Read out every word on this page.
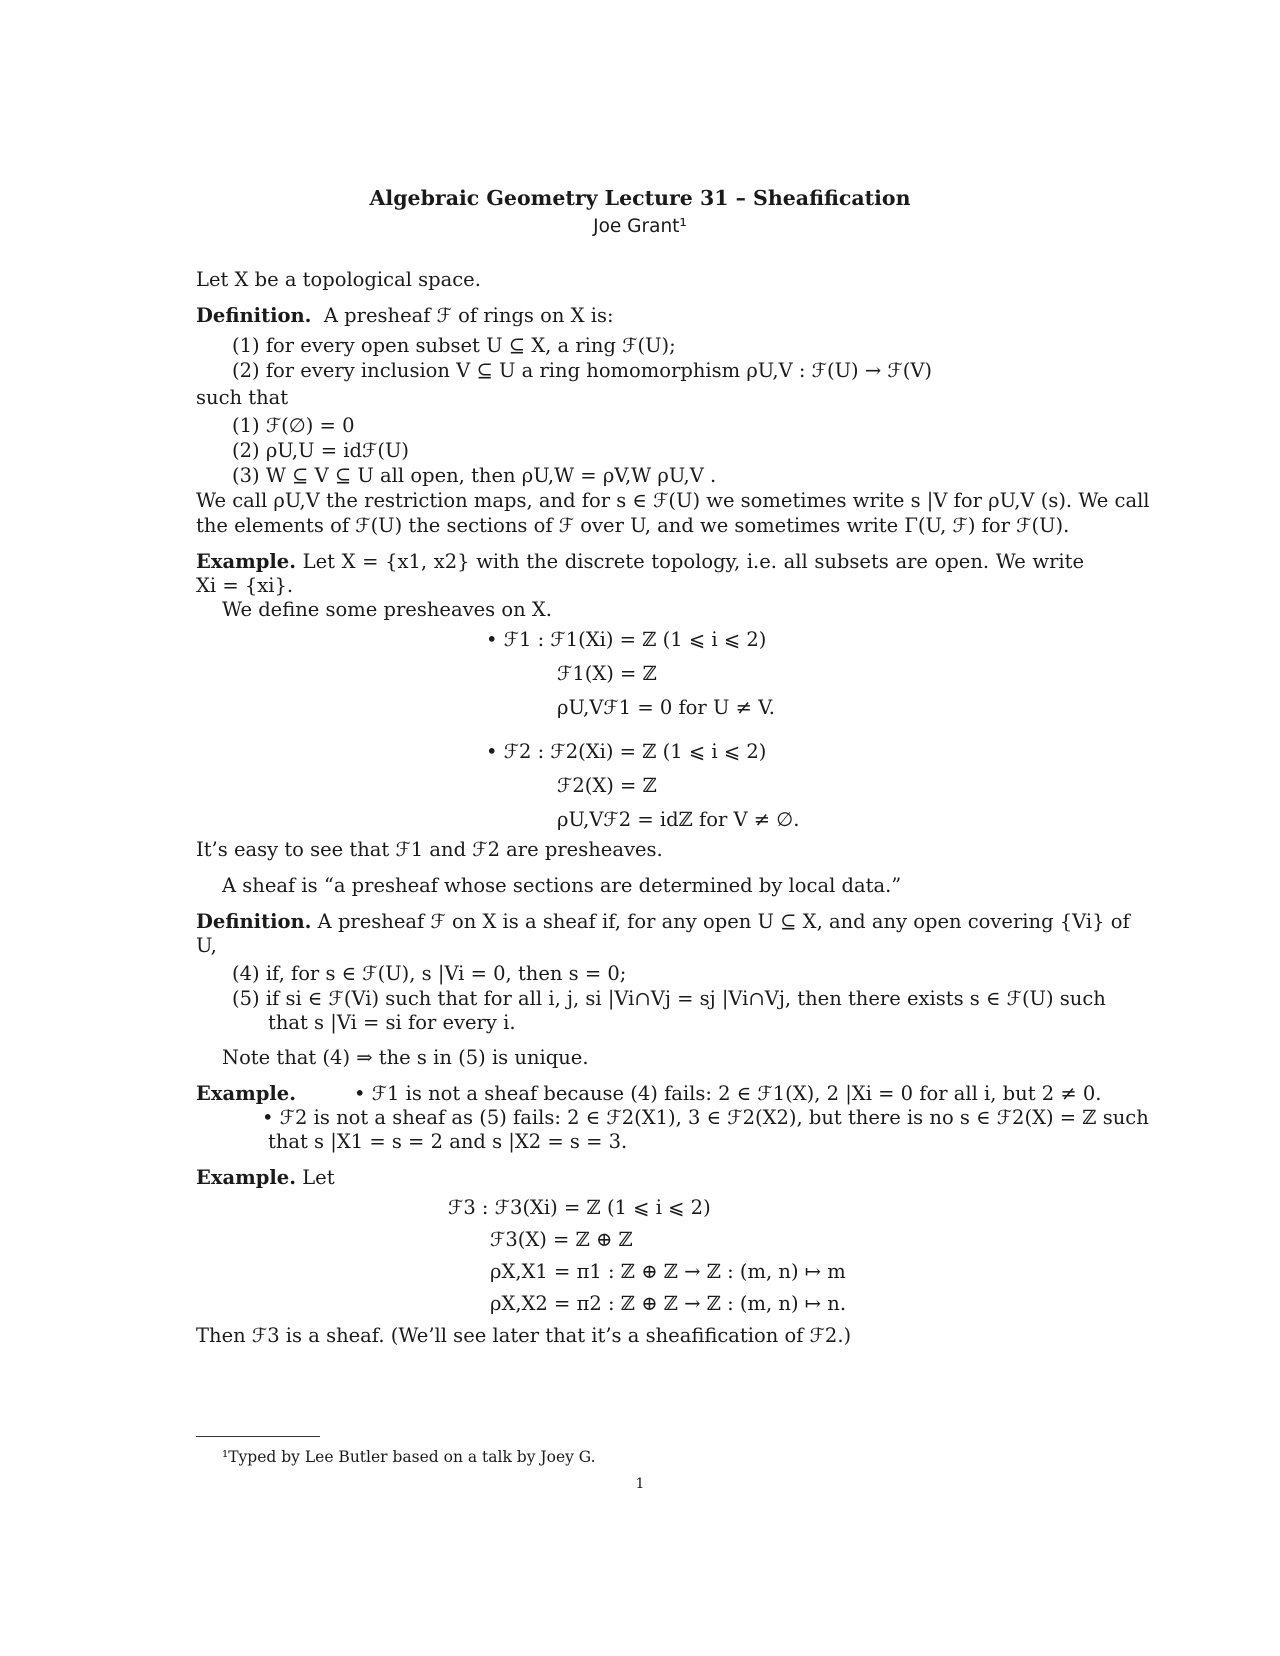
Algebraic Geometry Lecture 31 – Sheafification
Joe Grant¹
Let X be a topological space.
Definition. A presheaf ℱ of rings on X is:
(1) for every open subset U ⊆ X, a ring ℱ(U);
(2) for every inclusion V ⊆ U a ring homomorphism ρU,V : ℱ(U) → ℱ(V)
such that
(1) ℱ(∅) = 0
(2) ρU,U = idℱ(U)
(3) W ⊆ V ⊆ U all open, then ρU,W = ρV,W ρU,V .
We call ρU,V the restriction maps, and for s ∈ ℱ(U) we sometimes write s |V for ρU,V (s). We call
the elements of ℱ(U) the sections of ℱ over U, and we sometimes write Γ(U, ℱ) for ℱ(U).
Example. Let X = {x1, x2} with the discrete topology, i.e. all subsets are open. We write
Xi = {xi}.
We define some presheaves on X.
• ℱ1 : ℱ1(Xi) = ℤ (1 ⩽ i ⩽ 2)
ℱ1(X) = ℤ
ρU,Vℱ1 = 0 for U ≠ V.
• ℱ2 : ℱ2(Xi) = ℤ (1 ⩽ i ⩽ 2)
ℱ2(X) = ℤ
ρU,Vℱ2 = idℤ for V ≠ ∅.
It’s easy to see that ℱ1 and ℱ2 are presheaves.
A sheaf is “a presheaf whose sections are determined by local data.”
Definition. A presheaf ℱ on X is a sheaf if, for any open U ⊆ X, and any open covering {Vi} of
U,
(4) if, for s ∈ ℱ(U), s |Vi = 0, then s = 0;
(5) if si ∈ ℱ(Vi) such that for all i, j, si |Vi∩Vj = sj |Vi∩Vj, then there exists s ∈ ℱ(U) such
that s |Vi = si for every i.
Note that (4) ⇒ the s in (5) is unique.
Example.	• ℱ1 is not a sheaf because (4) fails: 2 ∈ ℱ1(X), 2 |Xi = 0 for all i, but 2 ≠ 0.
• ℱ2 is not a sheaf as (5) fails: 2 ∈ ℱ2(X1), 3 ∈ ℱ2(X2), but there is no s ∈ ℱ2(X) = ℤ such
that s |X1 = s = 2 and s |X2 = s = 3.
Example. Let
ℱ3 : ℱ3(Xi) = ℤ (1 ⩽ i ⩽ 2)
ℱ3(X) = ℤ ⊕ ℤ
ρX,X1 = π1 : ℤ ⊕ ℤ → ℤ : (m, n) ↦ m
ρX,X2 = π2 : ℤ ⊕ ℤ → ℤ : (m, n) ↦ n.
Then ℱ3 is a sheaf. (We’ll see later that it’s a sheafification of ℱ2.)
¹Typed by Lee Butler based on a talk by Joey G.
1
